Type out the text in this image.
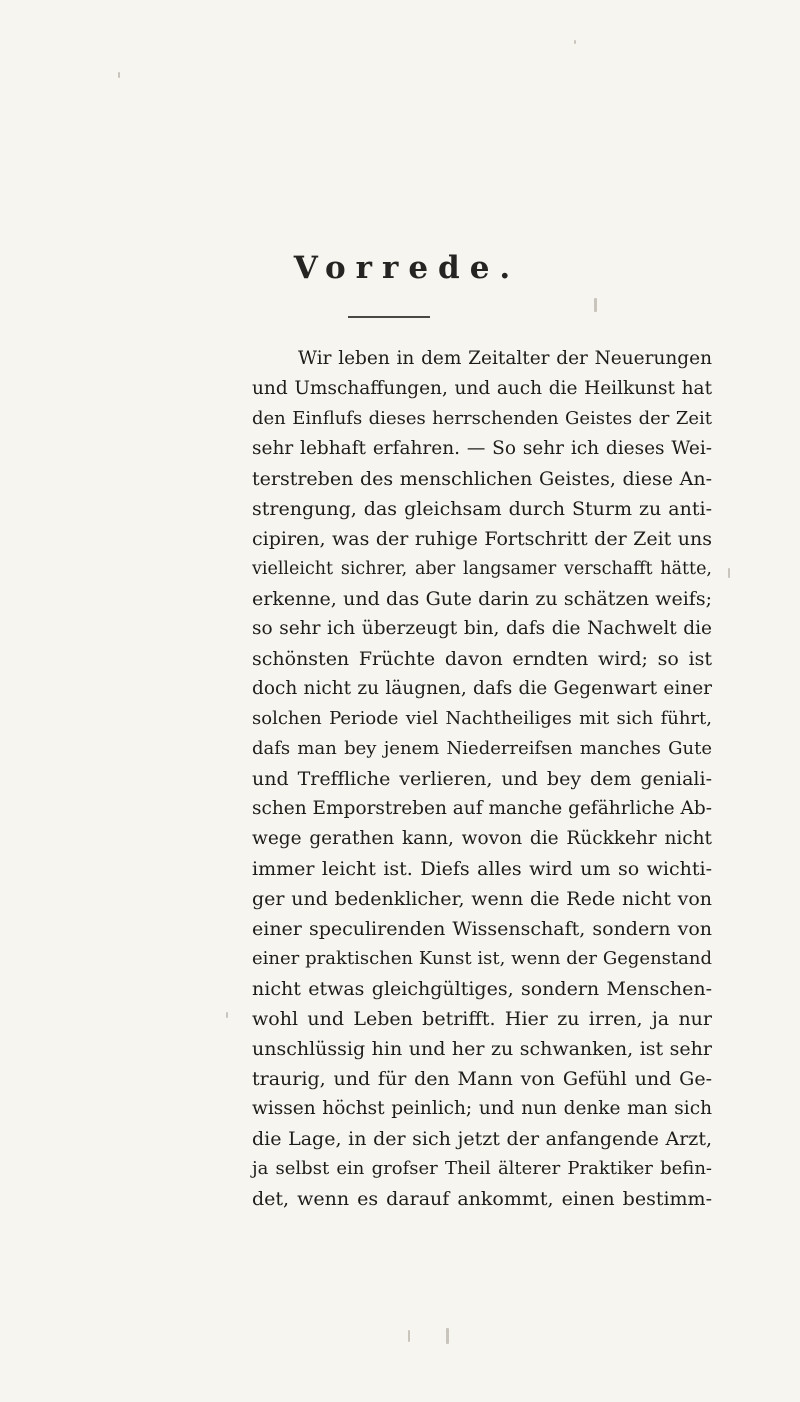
Vorrede.
Wir leben in dem Zeitalter der Neuerungen
und Umschaffungen, und auch die Heilkunst hat
den Einflufs dieses herrschenden Geistes der Zeit
sehr lebhaft erfahren. — So sehr ich dieses Wei-
terstreben des menschlichen Geistes, diese An-
strengung, das gleichsam durch Sturm zu anti-
cipiren, was der ruhige Fortschritt der Zeit uns
vielleicht sichrer, aber langsamer verschafft hätte,
erkenne, und das Gute darin zu schätzen weifs;
so sehr ich überzeugt bin, dafs die Nachwelt die
schönsten Früchte davon erndten wird; so ist
doch nicht zu läugnen, dafs die Gegenwart einer
solchen Periode viel Nachtheiliges mit sich führt,
dafs man bey jenem Niederreifsen manches Gute
und Treffliche verlieren, und bey dem geniali-
schen Emporstreben auf manche gefährliche Ab-
wege gerathen kann, wovon die Rückkehr nicht
immer leicht ist. Diefs alles wird um so wichti-
ger und bedenklicher, wenn die Rede nicht von
einer speculirenden Wissenschaft, sondern von
einer praktischen Kunst ist, wenn der Gegenstand
nicht etwas gleichgültiges, sondern Menschen-
wohl und Leben betrifft. Hier zu irren, ja nur
unschlüssig hin und her zu schwanken, ist sehr
traurig, und für den Mann von Gefühl und Ge-
wissen höchst peinlich; und nun denke man sich
die Lage, in der sich jetzt der anfangende Arzt,
ja selbst ein grofser Theil älterer Praktiker befin-
det, wenn es darauf ankommt, einen bestimm-
